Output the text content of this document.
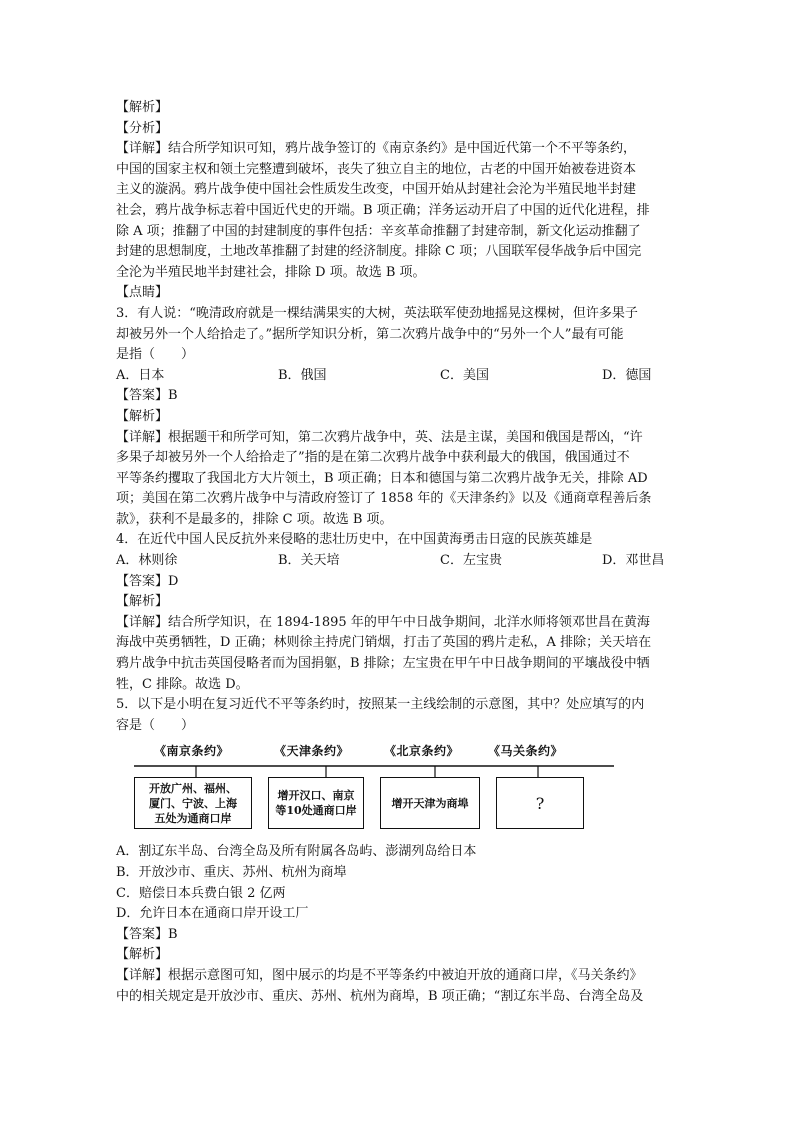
【解析】
【分析】
【详解】结合所学知识可知，鸦片战争签订的《南京条约》是中国近代第一个不平等条约，
中国的国家主权和领土完整遭到破坏，丧失了独立自主的地位，古老的中国开始被卷进资本
主义的漩涡。鸦片战争使中国社会性质发生改变，中国开始从封建社会沦为半殖民地半封建
社会，鸦片战争标志着中国近代史的开端。B 项正确；洋务运动开启了中国的近代化进程，排
除 A 项；推翻了中国的封建制度的事件包括：辛亥革命推翻了封建帝制，新文化运动推翻了
封建的思想制度，土地改革推翻了封建的经济制度。排除 C 项；八国联军侵华战争后中国完
全沦为半殖民地半封建社会，排除 D 项。故选 B 项。
【点睛】
3．有人说：“晚清政府就是一棵结满果实的大树，英法联军使劲地摇晃这棵树，但许多果子
却被另外一个人给拾走了。”据所学知识分析，第二次鸦片战争中的“另外一个人”最有可能
是指（　　）
A．日本	B．俄国	C．美国	D．德国
【答案】B
【解析】
【详解】根据题干和所学可知，第二次鸦片战争中，英、法是主谋，美国和俄国是帮凶，“许
多果子却被另外一个人给拾走了”指的是在第二次鸦片战争中获利最大的俄国，俄国通过不
平等条约攫取了我国北方大片领土，B 项正确；日本和德国与第二次鸦片战争无关，排除 AD
项；美国在第二次鸦片战争中与清政府签订了 1858 年的《天津条约》以及《通商章程善后条
款》，获利不是最多的，排除 C 项。故选 B 项。
4．在近代中国人民反抗外来侵略的悲壮历史中，在中国黄海勇击日寇的民族英雄是
A．林则徐	B．关天培	C．左宝贵	D．邓世昌
【答案】D
【解析】
【详解】结合所学知识，在 1894-1895 年的甲午中日战争期间，北洋水师将领邓世昌在黄海
海战中英勇牺牲，D 正确；林则徐主持虎门销烟，打击了英国的鸦片走私，A 排除；关天培在
鸦片战争中抗击英国侵略者而为国捐躯，B 排除；左宝贵在甲午中日战争期间的平壤战役中牺
牲，C 排除。故选 D。
5．以下是小明在复习近代不平等条约时，按照某一主线绘制的示意图，其中？处应填写的内
容是（　　）
《南京条约》	《天津条约》	《北京条约》 《马关条约》
开放广州、福州、
厦门、宁波、上海
五处为通商口岸
增开汉口、南京
等10处通商口岸
增开天津为商埠	?
A．割辽东半岛、台湾全岛及所有附属各岛屿、澎湖列岛给日本
B．开放沙市、重庆、苏州、杭州为商埠
C．赔偿日本兵费白银 2 亿两
D．允许日本在通商口岸开设工厂
【答案】B
【解析】
【详解】根据示意图可知，图中展示的均是不平等条约中被迫开放的通商口岸，《马关条约》
中的相关规定是开放沙市、重庆、苏州、杭州为商埠，B 项正确；“割辽东半岛、台湾全岛及
